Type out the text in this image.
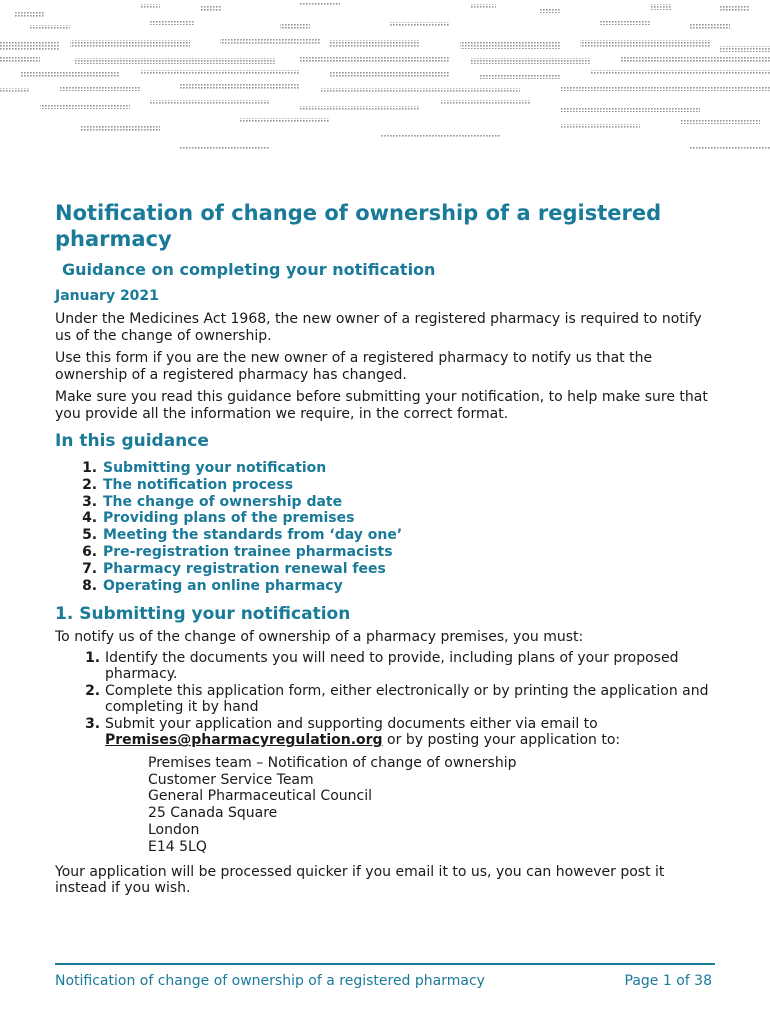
Notification of change of ownership of a registered pharmacy
Guidance on completing your notification
January 2021

Under the Medicines Act 1968, the new owner of a registered pharmacy is required to notify us of the change of ownership.

Use this form if you are the new owner of a registered pharmacy to notify us that the ownership of a registered pharmacy has changed.

Make sure you read this guidance before submitting your notification, to help make sure that you provide all the information we require, in the correct format.

In this guidance
1. Submitting your notification
2. The notification process
3. The change of ownership date
4. Providing plans of the premises
5. Meeting the standards from ‘day one’
6. Pre-registration trainee pharmacists
7. Pharmacy registration renewal fees
8. Operating an online pharmacy
1. Submitting your notification

To notify us of the change of ownership of a pharmacy premises, you must:

1. Identify the documents you will need to provide, including plans of your proposed pharmacy.
2. Complete this application form, either electronically or by printing the application and completing it by hand
3. Submit your application and supporting documents either via email to Premises@pharmacyregulation.org or by posting your application to:
Premises team – Notification of change of ownership
Customer Service Team
General Pharmaceutical Council
25 Canada Square
London
E14 5LQ

Your application will be processed quicker if you email it to us, you can however post it instead if you wish.

Notification of change of ownership of a registered pharmacy	Page 1 of 38
